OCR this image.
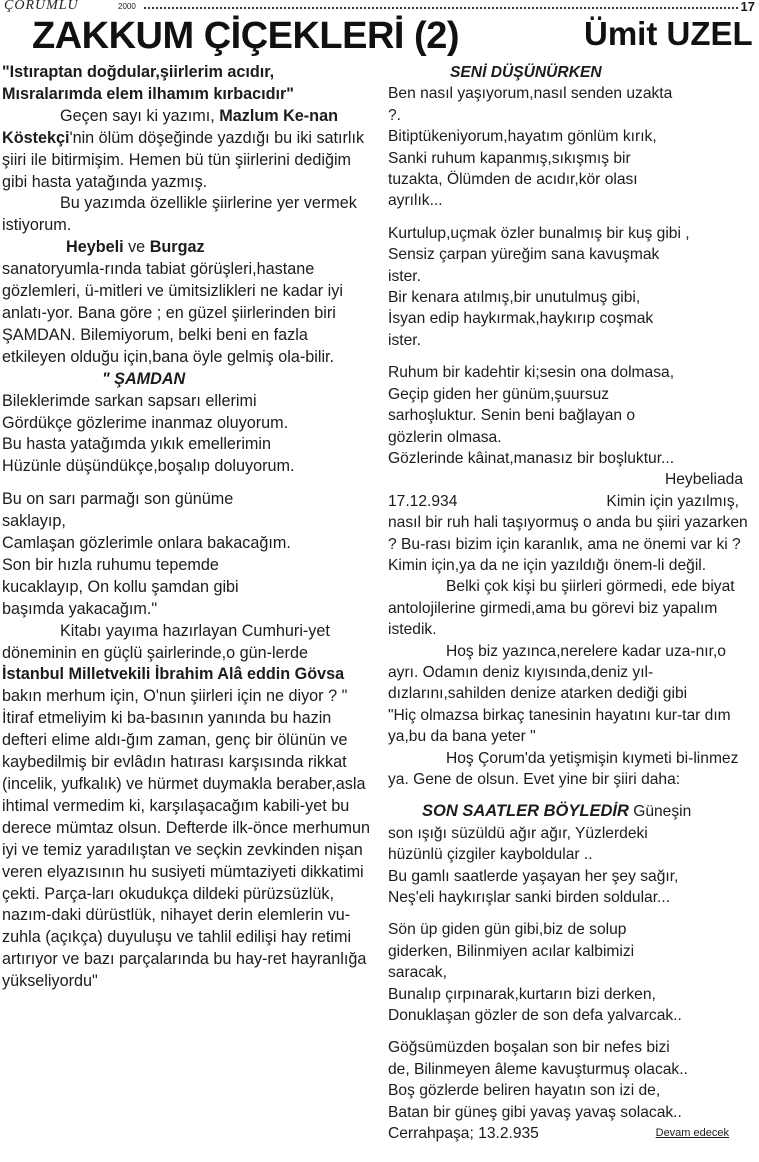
ÇORUMLU	2000	17
ZAKKUM ÇİÇEKLERİ (2)	Ümit UZEL
"Istıraptan doğdular,şiirlerim acıdır,
Mısralarımda elem ilhamım kırbacıdır"

Geçen sayı ki yazımı, Mazlum Ke-nan Köstekçi'nin ölüm döşeğinde yazdığı bu iki satırlık şiiri ile bitirmişim. Hemen bü tün şiirlerini dediğim gibi hasta yatağında yazmış.

Bu yazımda özellikle şiirlerine yer vermek istiyorum.

Heybeli ve Burgaz
sanatoryumla-rında tabiat görüşleri,hastane gözlemleri, ü-mitleri ve ümitsizlikleri ne kadar iyi anlatı-yor. Bana göre ; en güzel şiirlerinden biri ŞAMDAN. Bilemiyorum, belki beni en fazla etkileyen olduğu için,bana öyle gelmiş ola-bilir.

" ŞAMDAN

Bileklerimde sarkan sapsarı ellerimi
Gördükçe gözlerime inanmaz oluyorum.
Bu hasta yatağımda yıkık emellerimin
Hüzünle düşündükçe,boşalıp doluyorum.
Bu on sarı parmağı son günüme
saklayıp,
Camlaşan gözlerimle onlara bakacağım.
Son bir hızla ruhumu tepemde
kucaklayıp, On kollu şamdan gibi
başımda yakacağım."

Kitabı yayıma hazırlayan Cumhuri-yet döneminin en güçlü şairlerinde,o gün-lerde İstanbul Milletvekili İbrahim Alâ eddin Gövsa bakın merhum için, O'nun şiirleri için ne diyor ? " İtiraf etmeliyim ki ba-basının yanında bu hazin defteri elime aldı-ğım zaman, genç bir ölünün ve kaybedilmiş bir evlâdın hatırası karşısında rikkat (incelik, yufkalık) ve hürmet duymakla beraber,asla ihtimal vermedim ki, karşılaşacağım kabili-yet bu derece mümtaz olsun. Defterde ilk-önce merhumun iyi ve temiz yaradılıştan ve seçkin zevkinden nişan veren elyazısının hu susiyeti mümtaziyeti dikkatimi çekti. Parça-ları okudukça dildeki pürüzsüzlük, nazım-daki dürüstlük, nihayet derin elemlerin vu-zuhla (açıkça) duyuluşu ve tahlil edilişi hay retimi artırıyor ve bazı parçalarında bu hay-ret hayranlığa yükseliyordu"

SENİ DÜŞÜNÜRKEN

Ben nasıl yaşıyorum,nasıl senden uzakta
?.
Bitiptükeniyorum,hayatım gönlüm kırık,
Sanki ruhum kapanmış,sıkışmış bir
tuzakta, Ölümden de acıdır,kör olası
ayrılık...
Kurtulup,uçmak özler bunalmış bir kuş gibi ,
Sensiz çarpan yüreğim sana kavuşmak
ister.
Bir kenara atılmış,bir unutulmuş gibi,
İsyan edip haykırmak,haykırıp coşmak
ister.
Ruhum bir kadehtir ki;sesin ona dolmasa,
Geçip giden her günüm,şuursuz
sarhoşluktur. Senin beni bağlayan o
gözlerin olmasa.
Gözlerinde kâinat,manasız bir boşluktur...

Heybeliada

17.12.934	Kimin için yazılmış,

nasıl bir ruh hali taşıyormuş o anda bu şiiri yazarken ? Bu-rası bizim için karanlık, ama ne önemi var ki ? Kimin için,ya da ne için yazıldığı önem-li değil.

Belki çok kişi bu şiirleri görmedi, ede biyat antolojilerine girmedi,ama bu görevi biz yapalım istedik.

Hoş biz yazınca,nerelere kadar uza-nır,o ayrı. Odamın deniz kıyısında,deniz yıl- dızlarını,sahilden denize atarken dediği gibi

"Hiç olmazsa birkaç tanesinin hayatını kur-tar dım ya,bu da bana yeter "

Hoş Çorum'da yetişmişin kıymeti bi-linmez ya. Gene de olsun. Evet yine bir şiiri daha:

SON SAATLER BÖYLEDİR Güneşin

son ışığı süzüldü ağır ağır, Yüzlerdeki
hüzünlü çizgiler kayboldular ..
Bu gamlı saatlerde yaşayan her şey sağır,
Neş'eli haykırışlar sanki birden soldular...
Sön üp giden gün gibi,biz de solup
giderken, Bilinmiyen acılar kalbimizi
saracak,
Bunalıp çırpınarak,kurtarın bizi derken,
Donuklaşan gözler de son defa yalvarcak..
Göğsümüzden boşalan son bir nefes bizi
de, Bilinmeyen âleme kavuşturmuş olacak..
Boş gözlerde beliren hayatın son izi de,
Batan bir güneş gibi yavaş yavaş solacak..
Cerrahpaşa; 13.2.935	Devam edecek
